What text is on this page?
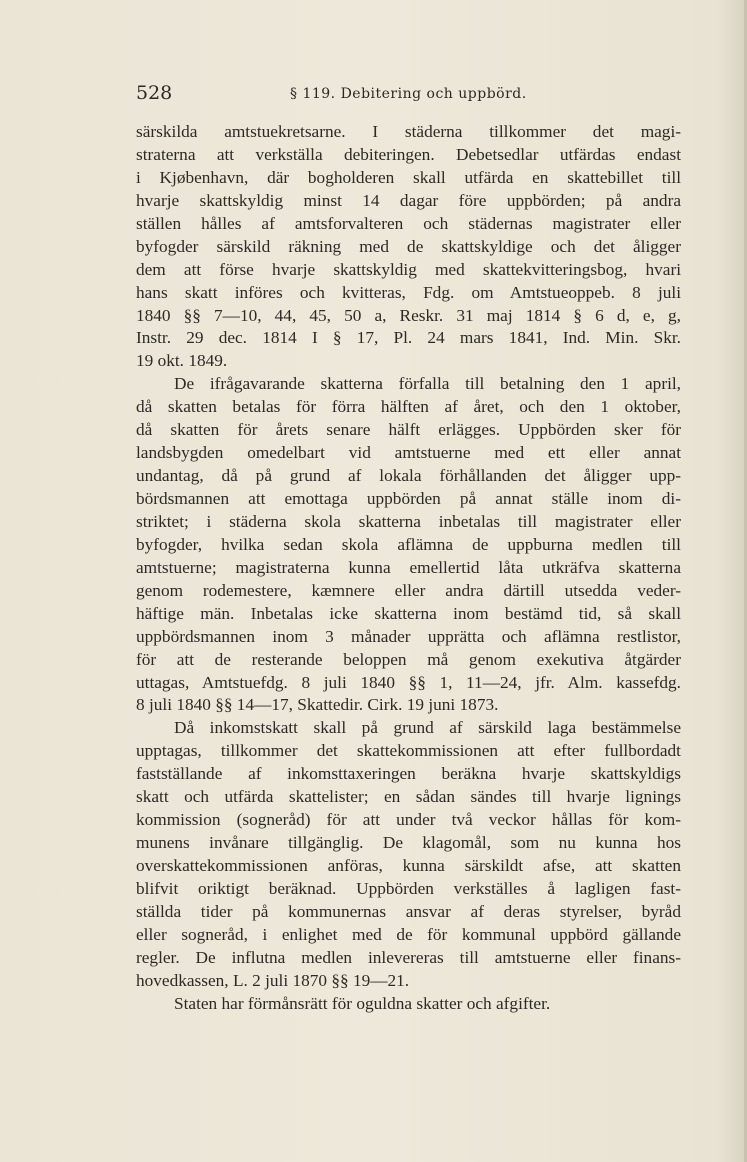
528	§ 119. Debitering och uppbörd.

särskilda amtstuekretsarne. I städerna tillkommer det magi-
straterna att verkställa debiteringen. Debetsedlar utfärdas endast
i Kjøbenhavn, där bogholderen skall utfärda en skattebillet till
hvarje skattskyldig minst 14 dagar före uppbörden; på andra
ställen hålles af amtsforvalteren och städernas magistrater eller
byfogder särskild räkning med de skattskyldige och det åligger
dem att förse hvarje skattskyldig med skattekvitteringsbog, hvari
hans skatt införes och kvitteras, Fdg. om Amtstueoppeb. 8 juli
1840 §§ 7—10, 44, 45, 50 a, Reskr. 31 maj 1814 § 6 d, e, g,
Instr. 29 dec. 1814 I § 17, Pl. 24 mars 1841, Ind. Min. Skr.
19 okt. 1849.

De ifrågavarande skatterna förfalla till betalning den 1 april,
då skatten betalas för förra hälften af året, och den 1 oktober,
då skatten för årets senare hälft erlägges. Uppbörden sker för
landsbygden omedelbart vid amtstuerne med ett eller annat
undantag, då på grund af lokala förhållanden det åligger upp-
bördsmannen att emottaga uppbörden på annat ställe inom di-
striktet; i städerna skola skatterna inbetalas till magistrater eller
byfogder, hvilka sedan skola aflämna de uppburna medlen till
amtstuerne; magistraterna kunna emellertid låta utkräfva skatterna
genom rodemestere, kæmnere eller andra därtill utsedda veder-
häftige män. Inbetalas icke skatterna inom bestämd tid, så skall
uppbördsmannen inom 3 månader upprätta och aflämna restlistor,
för att de resterande beloppen må genom exekutiva åtgärder
uttagas, Amtstuefdg. 8 juli 1840 §§ 1, 11—24, jfr. Alm. kassefdg.
8 juli 1840 §§ 14—17, Skattedir. Cirk. 19 juni 1873.

Då inkomstskatt skall på grund af särskild laga bestämmelse
upptagas, tillkommer det skattekommissionen att efter fullbordadt
fastställande af inkomsttaxeringen beräkna hvarje skattskyldigs
skatt och utfärda skattelister; en sådan sändes till hvarje lignings
kommission (sogneråd) för att under två veckor hållas för kom-
munens invånare tillgänglig. De klagomål, som nu kunna hos
overskattekommissionen anföras, kunna särskildt afse, att skatten
blifvit oriktigt beräknad. Uppbörden verkställes å lagligen fast-
ställda tider på kommunernas ansvar af deras styrelser, byråd
eller sogneråd, i enlighet med de för kommunal uppbörd gällande
regler. De influtna medlen inlevereras till amtstuerne eller finans-
hovedkassen, L. 2 juli 1870 §§ 19—21.

Staten har förmånsrätt för oguldna skatter och afgifter.
